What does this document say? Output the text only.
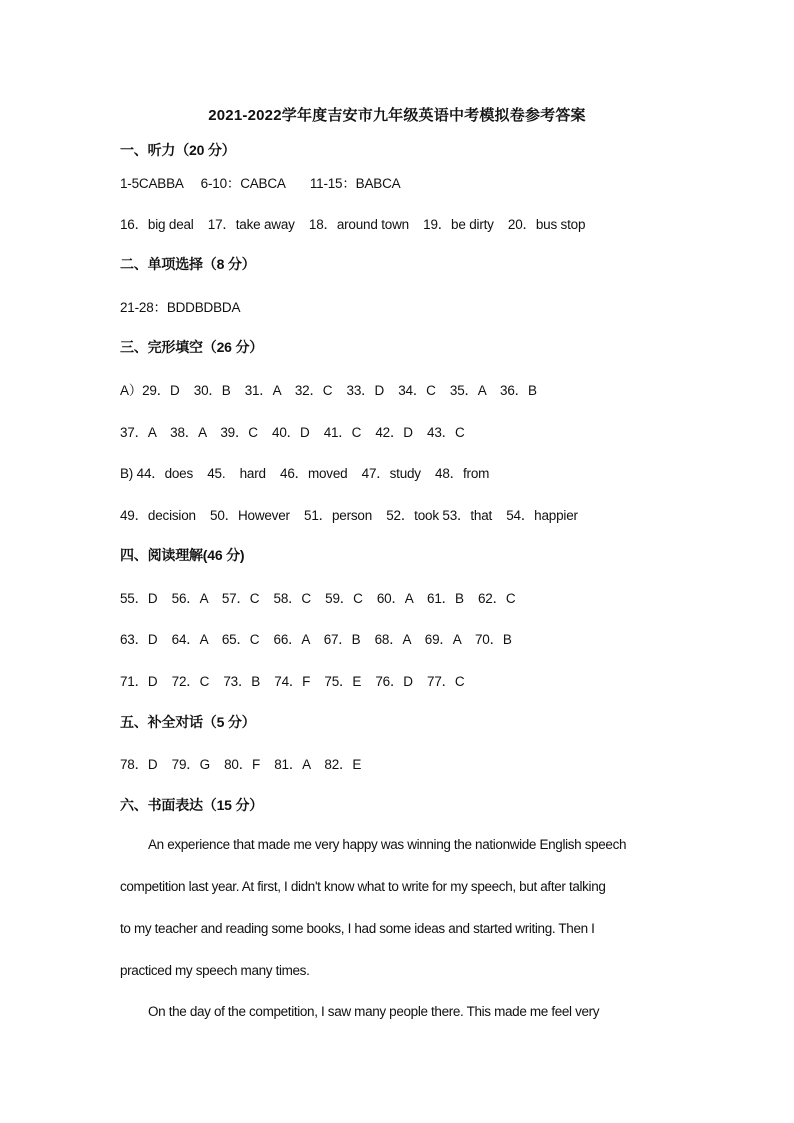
2021-2022学年度吉安市九年级英语中考模拟卷参考答案
一、听力（20 分）
1-5CABBA     6-10：CABCA       11-15：BABCA
16．big deal    17．take away    18．around town    19．be dirty    20．bus stop
二、单项选择（8 分）
21-28：BDDBDBDA
三、完形填空（26 分）
A）29．D    30．B    31．A    32．C    33．D    34．C    35．A    36．B
37．A    38．A    39．C    40．D    41．C    42．D    43．C
B) 44．does    45.    hard    46．moved    47．study    48．from
49．decision    50．However    51．person    52．took 53．that    54．happier
四、阅读理解(46 分)
55．D    56．A    57．C    58．C    59．C    60．A    61．B    62．C
63．D    64．A    65．C    66．A    67．B    68．A    69．A    70．B
71．D    72．C    73．B    74．F    75．E    76．D    77．C
五、补全对话（5 分）
78．D    79．G    80．F    81．A    82．E
六、书面表达（15 分）
An experience that made me very happy was winning the nationwide English speech
competition last year. At first, I didn't know what to write for my speech, but after talking
to my teacher and reading some books, I had some ideas and started writing. Then I
practiced my speech many times.
On the day of the competition, I saw many people there. This made me feel very
